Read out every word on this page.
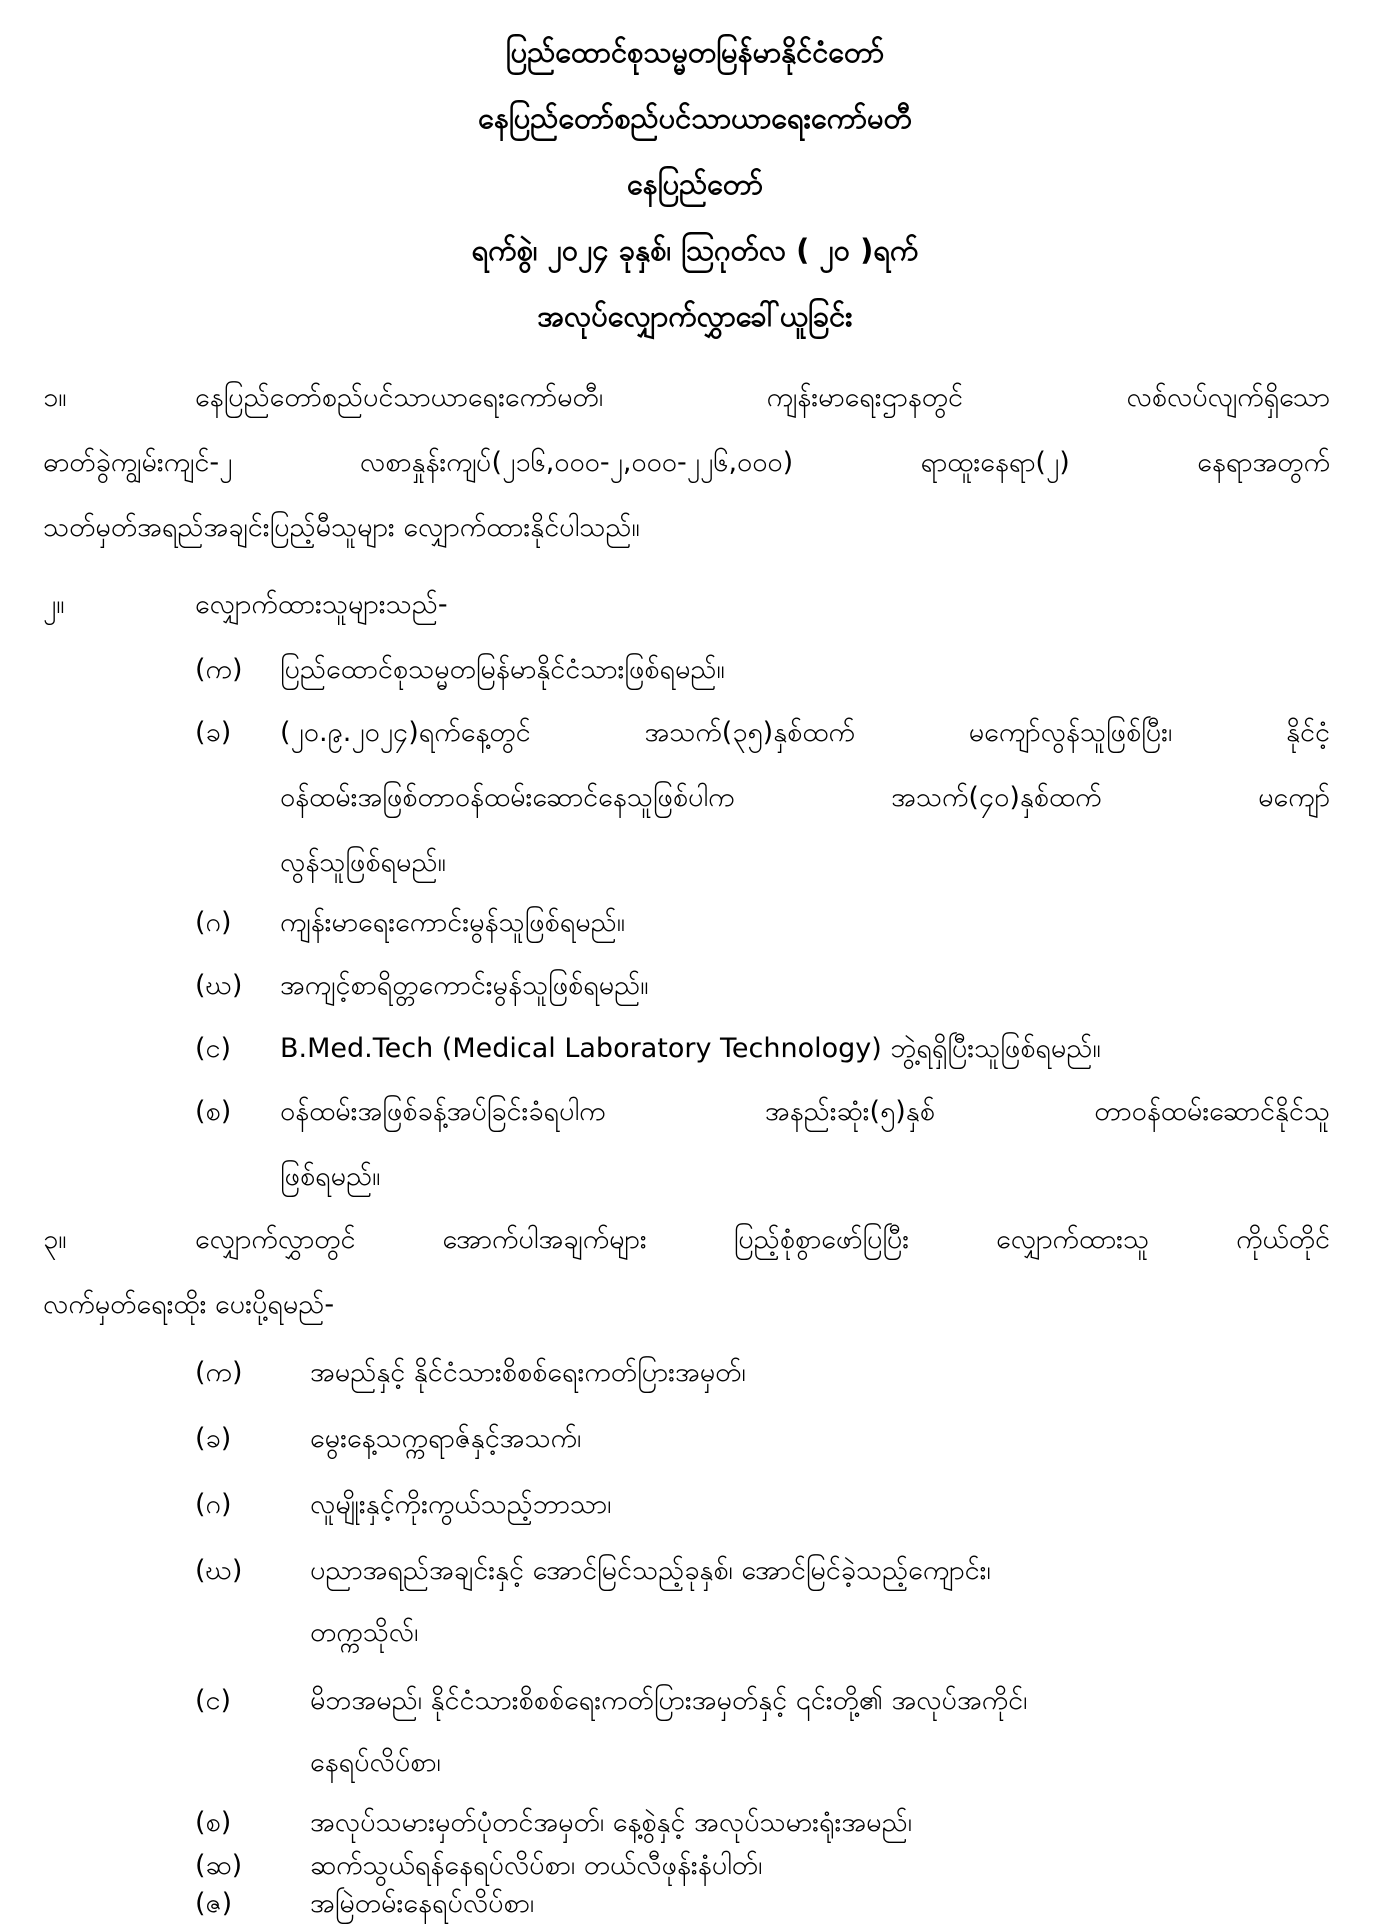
ပြည်ထောင်စုသမ္မတမြန်မာနိုင်ငံတော်
နေပြည်တော်စည်ပင်သာယာရေးကော်မတီ
နေပြည်တော်
ရက်စွဲ၊ ၂၀၂၄ ခုနှစ်၊ ဩဂုတ်လ ( ၂၀ )ရက်
အလုပ်လျှောက်လွှာခေါ်ယူခြင်း
၁။	နေပြည်တော်စည်ပင်သာယာရေးကော်မတီ၊ ကျန်းမာရေးဌာနတွင် လစ်လပ်လျက်ရှိသော
ဓာတ်ခွဲကျွမ်းကျင်-၂ လစာနှုန်းကျပ်(၂၁၆,၀၀၀-၂,၀၀၀-၂၂၆,၀၀၀) ရာထူးနေရာ(၂) နေရာအတွက်
သတ်မှတ်အရည်အချင်းပြည့်မီသူများ လျှောက်ထားနိုင်ပါသည်။
၂။	လျှောက်ထားသူများသည်-
(က) ပြည်ထောင်စုသမ္မတမြန်မာနိုင်ငံသားဖြစ်ရမည်။
(ခ) (၂၀.၉.၂၀၂၄)ရက်နေ့တွင် အသက်(၃၅)နှစ်ထက် မကျော်လွန်သူဖြစ်ပြီး၊ နိုင်ငံ့
ဝန်ထမ်းအဖြစ်တာဝန်ထမ်းဆောင်နေသူဖြစ်ပါက အသက်(၄၀)နှစ်ထက် မကျော်
လွန်သူဖြစ်ရမည်။
(ဂ) ကျန်းမာရေးကောင်းမွန်သူဖြစ်ရမည်။
(ဃ) အကျင့်စာရိတ္တကောင်းမွန်သူဖြစ်ရမည်။
(င) B.Med.Tech (Medical Laboratory Technology) ဘွဲ့ရရှိပြီးသူဖြစ်ရမည်။
(စ) ဝန်ထမ်းအဖြစ်ခန့်အပ်ခြင်းခံရပါက အနည်းဆုံး(၅)နှစ် တာဝန်ထမ်းဆောင်နိုင်သူ
ဖြစ်ရမည်။
၃။	လျှောက်လွှာတွင် အောက်ပါအချက်များ ပြည့်စုံစွာဖော်ပြပြီး လျှောက်ထားသူ ကိုယ်တိုင်
လက်မှတ်ရေးထိုး ပေးပို့ရမည်-
(က)	အမည်နှင့် နိုင်ငံသားစိစစ်ရေးကတ်ပြားအမှတ်၊
(ခ)	မွေးနေ့သက္ကရာဇ်နှင့်အသက်၊
(ဂ)	လူမျိုးနှင့်ကိုးကွယ်သည့်ဘာသာ၊
(ဃ)	ပညာအရည်အချင်းနှင့် အောင်မြင်သည့်ခုနှစ်၊ အောင်မြင်ခဲ့သည့်ကျောင်း၊
တက္ကသိုလ်၊
(င)	မိဘအမည်၊ နိုင်ငံသားစိစစ်ရေးကတ်ပြားအမှတ်နှင့် ၎င်းတို့၏ အလုပ်အကိုင်၊
နေရပ်လိပ်စာ၊
(စ)	အလုပ်သမားမှတ်ပုံတင်အမှတ်၊ နေ့စွဲနှင့် အလုပ်သမားရုံးအမည်၊
(ဆ)	ဆက်သွယ်ရန်နေရပ်လိပ်စာ၊ တယ်လီဖုန်းနံပါတ်၊
(ဇ)	အမြဲတမ်းနေရပ်လိပ်စာ၊
